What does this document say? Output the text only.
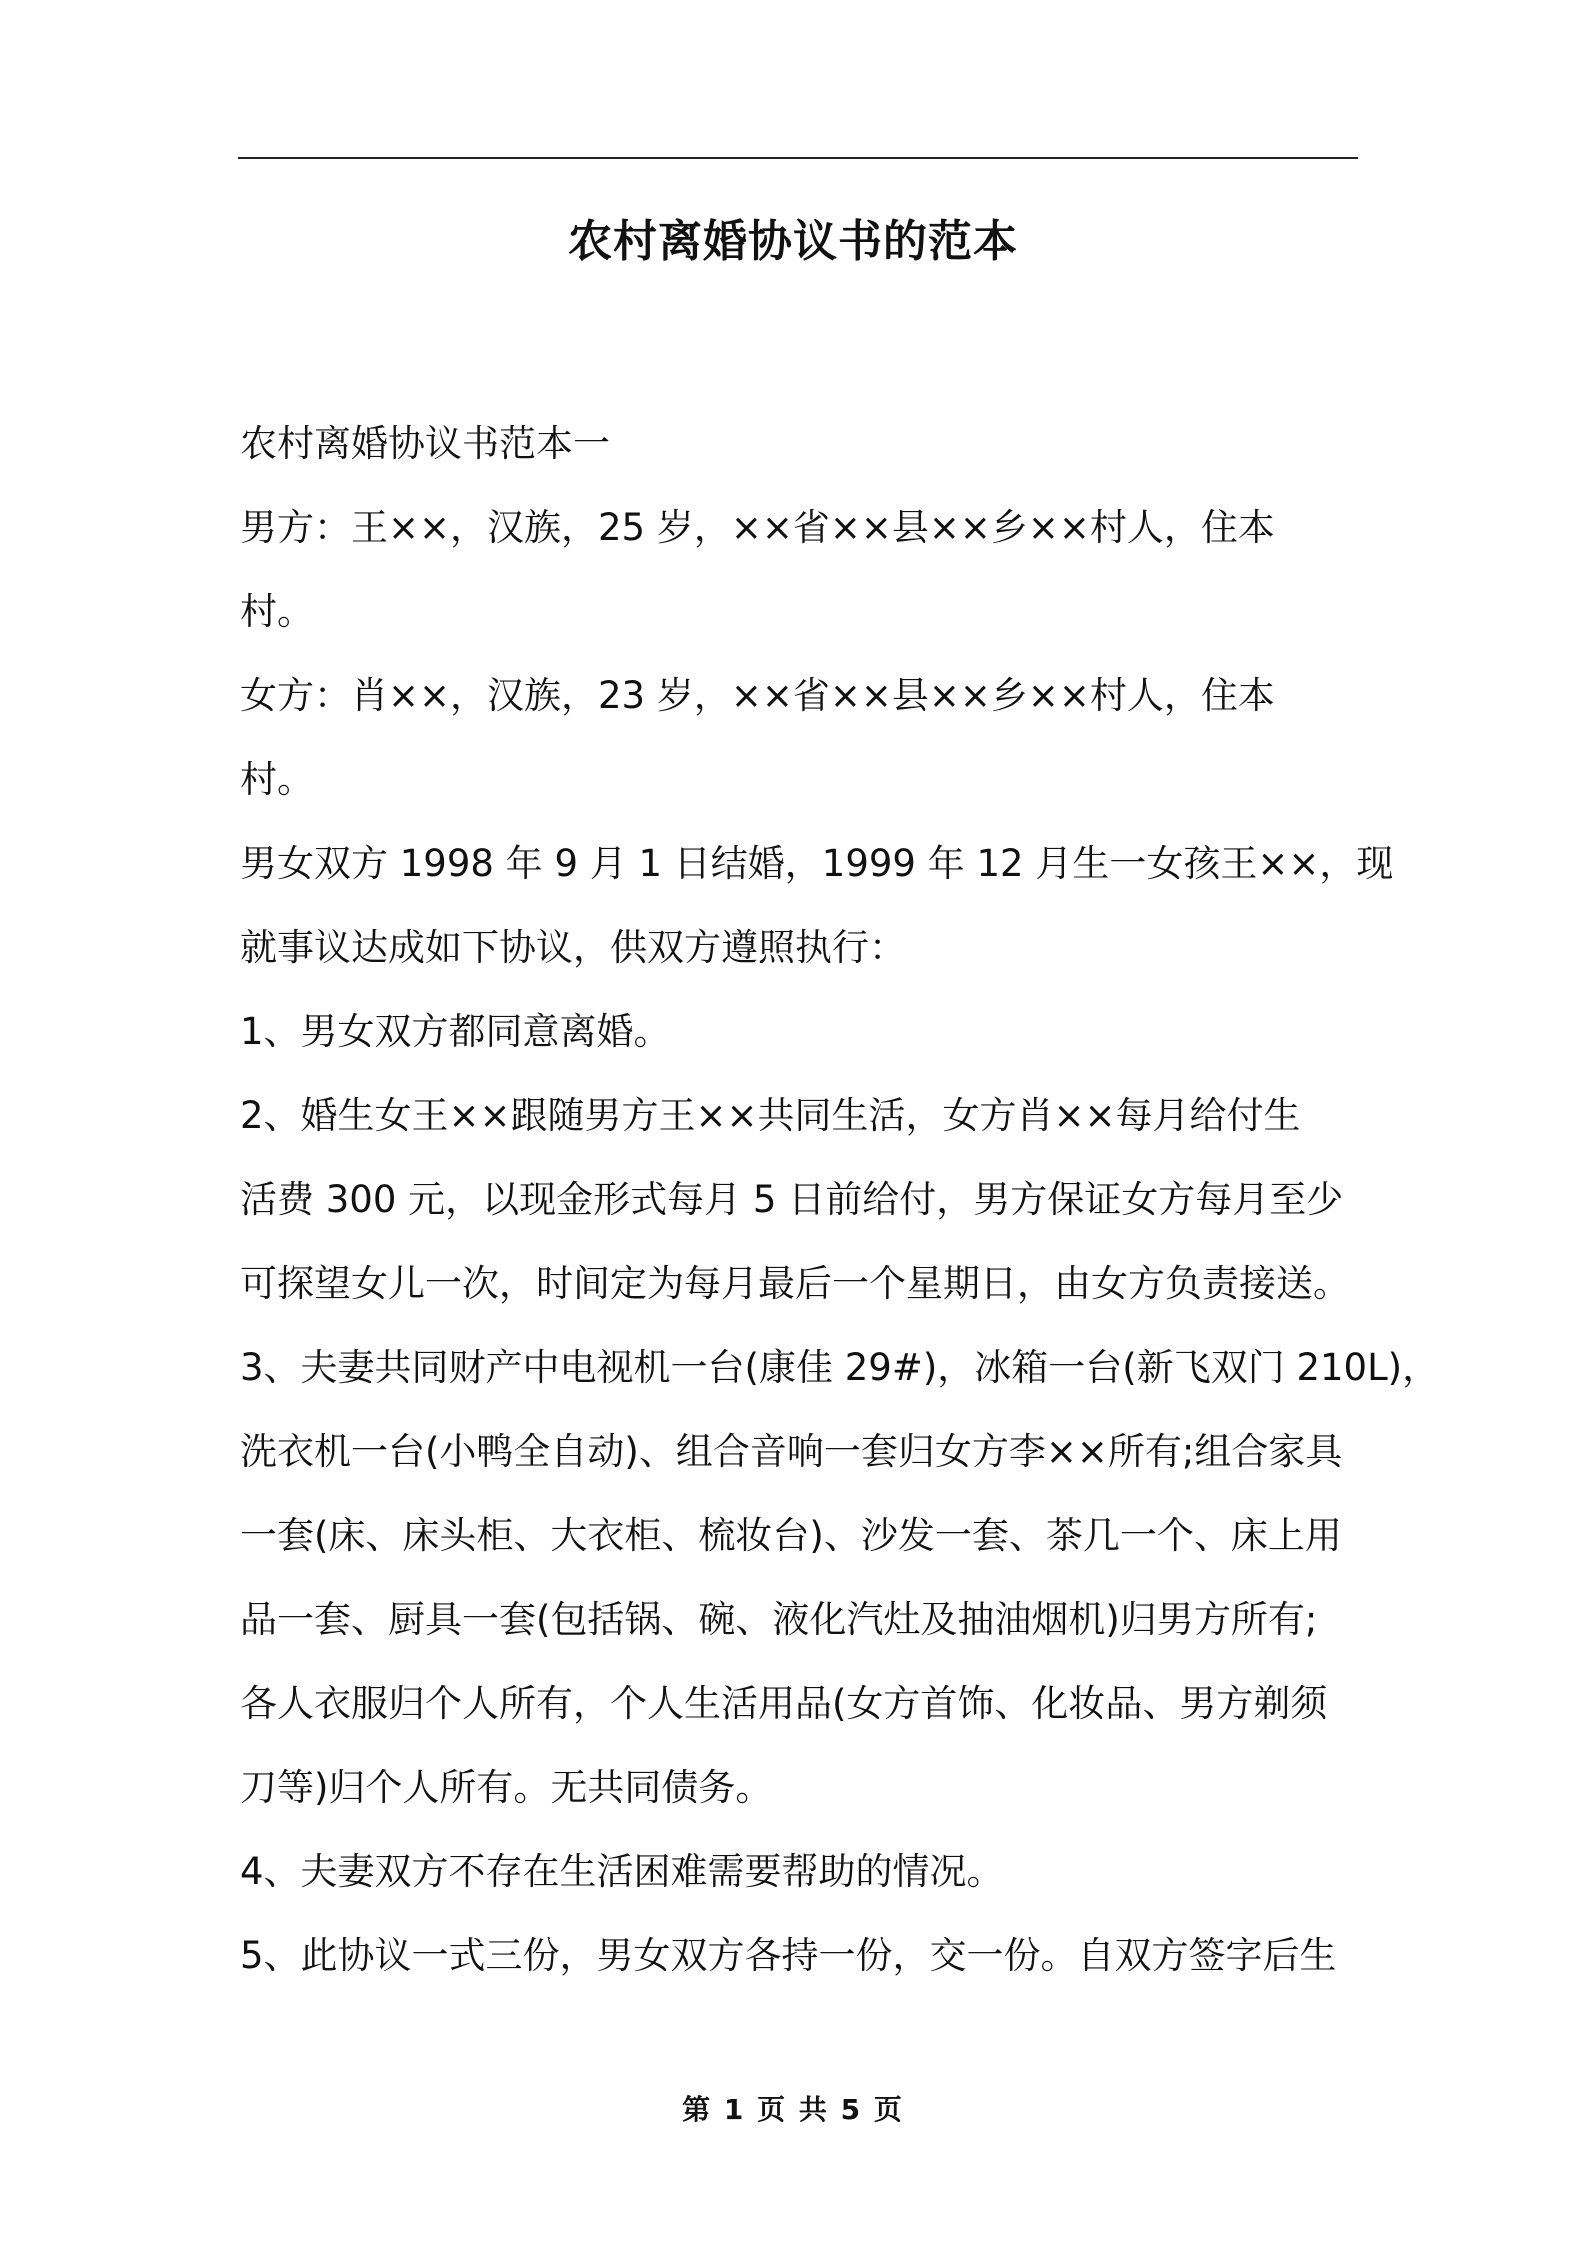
农村离婚协议书的范本
农村离婚协议书范本一
男方：王××，汉族，25 岁，××省××县××乡××村人，住本
村。
女方：肖××，汉族，23 岁，××省××县××乡××村人，住本
村。
男女双方 1998 年 9 月 1 日结婚，1999 年 12 月生一女孩王××，现
就事议达成如下协议，供双方遵照执行：
1、男女双方都同意离婚。
2、婚生女王××跟随男方王××共同生活，女方肖××每月给付生
活费 300 元，以现金形式每月 5 日前给付，男方保证女方每月至少
可探望女儿一次，时间定为每月最后一个星期日，由女方负责接送。
3、夫妻共同财产中电视机一台(康佳 29#)，冰箱一台(新飞双门 210L)，
洗衣机一台(小鸭全自动)、组合音响一套归女方李××所有;组合家具
一套(床、床头柜、大衣柜、梳妆台)、沙发一套、茶几一个、床上用
品一套、厨具一套(包括锅、碗、液化汽灶及抽油烟机)归男方所有;
各人衣服归个人所有，个人生活用品(女方首饰、化妆品、男方剃须
刀等)归个人所有。无共同债务。
4、夫妻双方不存在生活困难需要帮助的情况。
5、此协议一式三份，男女双方各持一份，交一份。自双方签字后生
第 1 页 共 5 页
